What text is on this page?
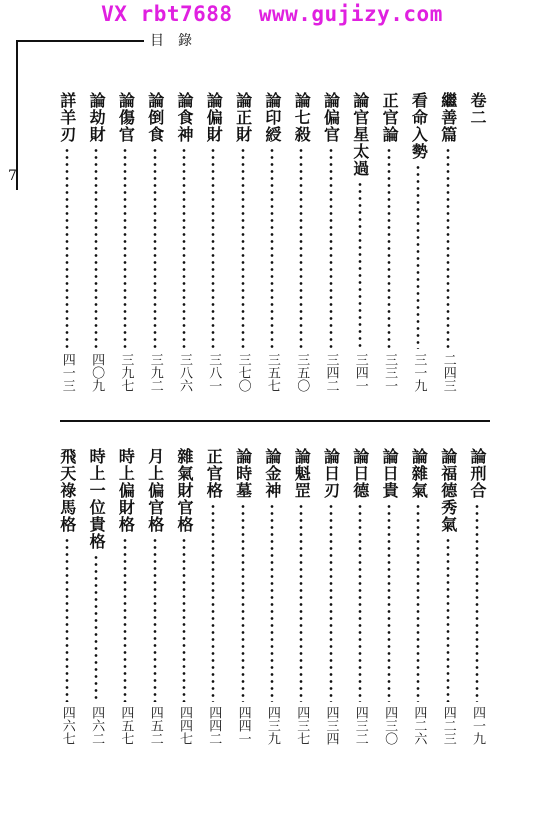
VX rbt7688  www.gujizy.com
目錄
7
卷二
繼善篇
二四三
看命入勢
三一九
正官論
三三一
論官星太過
三四一
論偏官
三四二
論七殺
三五〇
論印綬
三五七
論正財
三七〇
論偏財
三八一
論食神
三八六
論倒食
三九二
論傷官
三九七
論劫財
四〇九
詳羊刃
四一三
論刑合
四一九
論福德秀氣
四二三
論雜氣
四二六
論日貴
四三〇
論日德
四三二
論日刃
四三四
論魁罡
四三七
論金神
四三九
論時墓
四四一
正官格
四四二
雜氣財官格
四四七
月上偏官格
四五二
時上偏財格
四五七
時上一位貴格
四六二
飛天祿馬格
四六七
